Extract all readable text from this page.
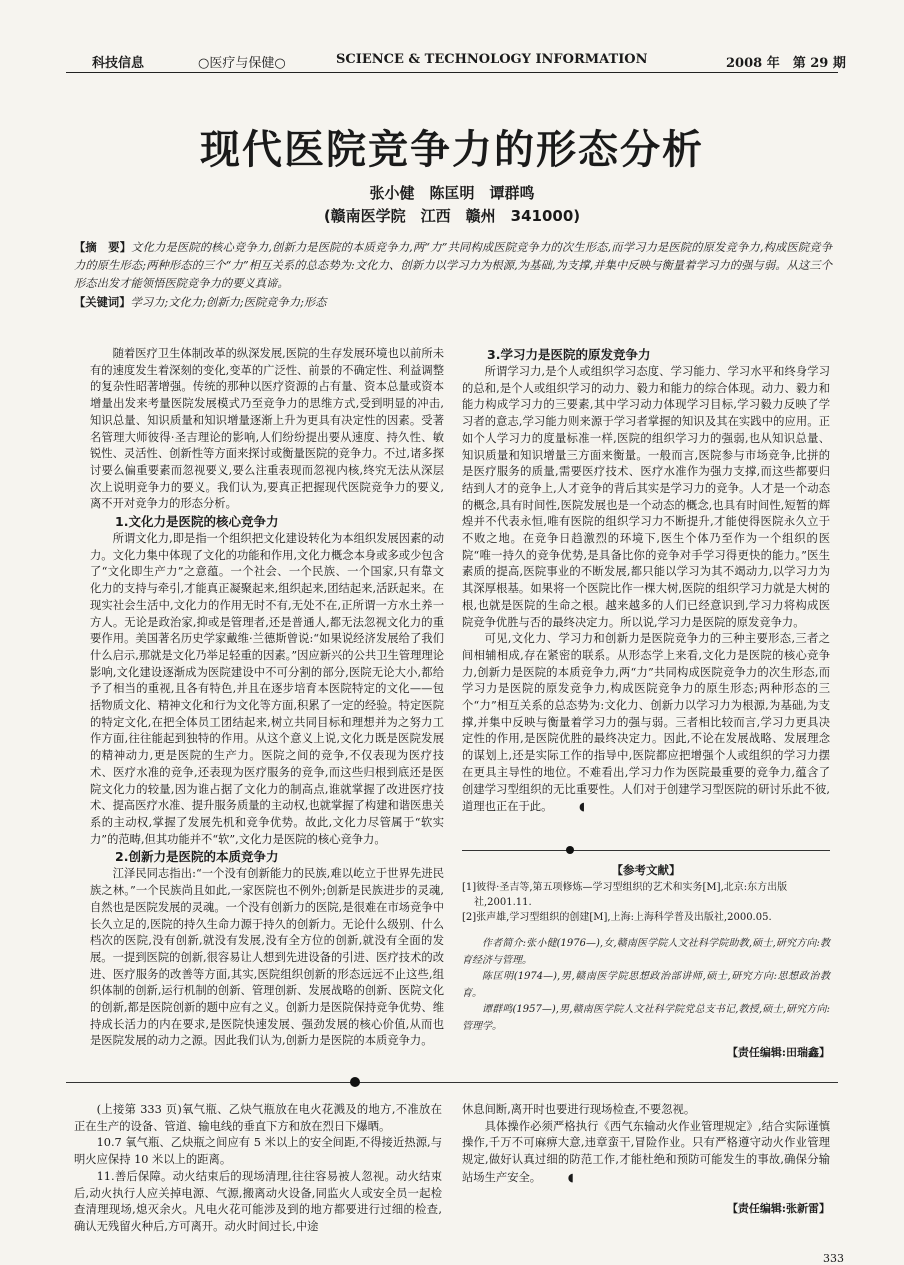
科技信息	○医疗与保健○	SCIENCE & TECHNOLOGY INFORMATION	2008 年　第 29 期
现代医院竞争力的形态分析
张小健　陈匡明　谭群鸣
(赣南医学院　江西　赣州　341000)
【摘　要】文化力是医院的核心竞争力,创新力是医院的本质竞争力,两“力”共同构成医院竞争力的次生形态,而学习力是医院的原发竞争力,构成医院竞争力的原生形态;两种形态的三个“力”相互关系的总态势为:文化力、创新力以学习力为根源,为基础,为支撑,并集中反映与衡量着学习力的强与弱。从这三个形态出发才能领悟医院竞争力的要义真谛。
【关键词】学习力;文化力;创新力;医院竞争力;形态

随着医疗卫生体制改革的纵深发展,医院的生存发展环境也以前所未有的速度发生着深刻的变化,变革的广泛性、前景的不确定性、利益调整的复杂性昭著增强。传统的那种以医疗资源的占有量、资本总量或资本增量出发来考量医院发展模式乃至竞争力的思维方式,受到明显的冲击,知识总量、知识质量和知识增量逐渐上升为更具有决定性的因素。受著名管理大师彼得·圣吉理论的影响,人们纷纷提出要从速度、持久性、敏锐性、灵活性、创新性等方面来探讨或衡量医院的竞争力。不过,诸多探讨要么偏重要素而忽视要义,要么注重表现而忽视内核,终究无法从深层次上说明竞争力的要义。我们认为,要真正把握现代医院竞争力的要义,离不开对竞争力的形态分析。

1.文化力是医院的核心竞争力

所谓文化力,即是指一个组织把文化建设转化为本组织发展因素的动力。文化力集中体现了文化的功能和作用,文化力概念本身或多或少包含了“文化即生产力”之意蕴。一个社会、一个民族、一个国家,只有靠文化力的支持与牵引,才能真正凝聚起来,组织起来,团结起来,活跃起来。在现实社会生活中,文化力的作用无时不有,无处不在,正所谓一方水土养一方人。无论是政治家,抑或是管理者,还是普通人,都无法忽视文化力的重要作用。美国著名历史学家戴维·兰德斯曾说:“如果说经济发展给了我们什么启示,那就是文化乃举足轻重的因素。”因应新兴的公共卫生管理理论影响,文化建设逐渐成为医院建设中不可分割的部分,医院无论大小,都给予了相当的重视,且各有特色,并且在逐步培育本医院特定的文化——包括物质文化、精神文化和行为文化等方面,积累了一定的经验。特定医院的特定文化,在把全体员工团结起来,树立共同目标和理想并为之努力工作方面,往往能起到独特的作用。从这个意义上说,文化力既是医院发展的精神动力,更是医院的生产力。医院之间的竞争,不仅表现为医疗技术、医疗水准的竞争,还表现为医疗服务的竞争,而这些归根到底还是医院文化力的较量,因为谁占据了文化力的制高点,谁就掌握了改进医疗技术、提高医疗水准、提升服务质量的主动权,也就掌握了构建和谐医患关系的主动权,掌握了发展先机和竞争优势。故此,文化力尽管属于“软实力”的范畴,但其功能并不“软”,文化力是医院的核心竞争力。

2.创新力是医院的本质竞争力

江泽民同志指出:“一个没有创新能力的民族,难以屹立于世界先进民族之林。”一个民族尚且如此,一家医院也不例外;创新是民族进步的灵魂,自然也是医院发展的灵魂。一个没有创新力的医院,是很难在市场竞争中长久立足的,医院的持久生命力源于持久的创新力。无论什么级别、什么档次的医院,没有创新,就没有发展,没有全方位的创新,就没有全面的发展。一提到医院的创新,很容易让人想到先进设备的引进、医疗技术的改进、医疗服务的改善等方面,其实,医院组织创新的形态远远不止这些,组织体制的创新,运行机制的创新、管理创新、发展战略的创新、医院文化的创新,都是医院创新的题中应有之义。创新力是医院保持竞争优势、维持成长活力的内在要求,是医院快速发展、强劲发展的核心价值,从而也是医院发展的动力之源。因此我们认为,创新力是医院的本质竞争力。

3.学习力是医院的原发竞争力

所谓学习力,是个人或组织学习态度、学习能力、学习水平和终身学习的总和,是个人或组织学习的动力、毅力和能力的综合体现。动力、毅力和能力构成学习力的三要素,其中学习动力体现学习目标,学习毅力反映了学习者的意志,学习能力则来源于学习者掌握的知识及其在实践中的应用。正如个人学习力的度量标准一样,医院的组织学习力的强弱,也从知识总量、知识质量和知识增量三方面来衡量。一般而言,医院参与市场竞争,比拼的是医疗服务的质量,需要医疗技术、医疗水准作为强力支撑,而这些都要归结到人才的竞争上,人才竞争的背后其实是学习力的竞争。人才是一个动态的概念,具有时间性,医院发展也是一个动态的概念,也具有时间性,短暂的辉煌并不代表永恒,唯有医院的组织学习力不断提升,才能使得医院永久立于不败之地。在竞争日趋激烈的环境下,医生个体乃至作为一个组织的医院“唯一持久的竞争优势,是具备比你的竞争对手学习得更快的能力。”医生素质的提高,医院事业的不断发展,都只能以学习为其不竭动力,以学习力为其深厚根基。如果将一个医院比作一棵大树,医院的组织学习力就是大树的根,也就是医院的生命之根。越来越多的人们已经意识到,学习力将构成医院竞争优胜与否的最终决定力。所以说,学习力是医院的原发竞争力。

可见,文化力、学习力和创新力是医院竞争力的三种主要形态,三者之间相辅相成,存在紧密的联系。从形态学上来看,文化力是医院的核心竞争力,创新力是医院的本质竞争力,两“力”共同构成医院竞争力的次生形态,而学习力是医院的原发竞争力,构成医院竞争力的原生形态;两种形态的三个“力”相互关系的总态势为:文化力、创新力以学习力为根源,为基础,为支撑,并集中反映与衡量着学习力的强与弱。三者相比较而言,学习力更具决定性的作用,是医院优胜的最终决定力。因此,不论在发展战略、发展理念的谋划上,还是实际工作的指导中,医院都应把增强个人或组织的学习力摆在更具主导性的地位。不难看出,学习力作为医院最重要的竞争力,蕴含了创建学习型组织的无比重要性。人们对于创建学习型医院的研讨乐此不彼,道理也正在于此。 ◖

【参考文献】
[1]彼得·圣吉等,第五项修炼—学习型组织的艺术和实务[M],北京:东方出版社,2001.11.
[2]张声雄,学习型组织的创建[M],上海:上海科学普及出版社,2000.05.

作者简介:张小健(1976—),女,赣南医学院人文社科学院助教,硕士,研究方向:教育经济与管理。

陈匡明(1974—),男,赣南医学院思想政治部讲师,硕士,研究方向:思想政治教育。

谭群鸣(1957—),男,赣南医学院人文社科学院党总支书记,教授,硕士,研究方向:管理学。

【责任编辑:田瑞鑫】

(上接第 333 页)氧气瓶、乙炔气瓶放在电火花溅及的地方,不准放在正在生产的设备、管道、输电线的垂直下方和放在烈日下爆晒。

10.7 氧气瓶、乙炔瓶之间应有 5 米以上的安全间距,不得接近热源,与明火应保持 10 米以上的距离。

11.善后保障。动火结束后的现场清理,往往容易被人忽视。动火结束后,动火执行人应关掉电源、气源,搬离动火设备,同监火人或安全员一起检查清理现场,熄灭余火。凡电火花可能涉及到的地方都要进行过细的检查,确认无残留火种后,方可离开。动火时间过长,中途

休息间断,离开时也要进行现场检查,不要忽视。

具体操作必须严格执行《西气东输动火作业管理规定》,结合实际谨慎操作,千万不可麻痹大意,违章蛮干,冒险作业。只有严格遵守动火作业管理规定,做好认真过细的防范工作,才能杜绝和预防可能发生的事故,确保分输站场生产安全。 ◖

【责任编辑:张新雷】
333
